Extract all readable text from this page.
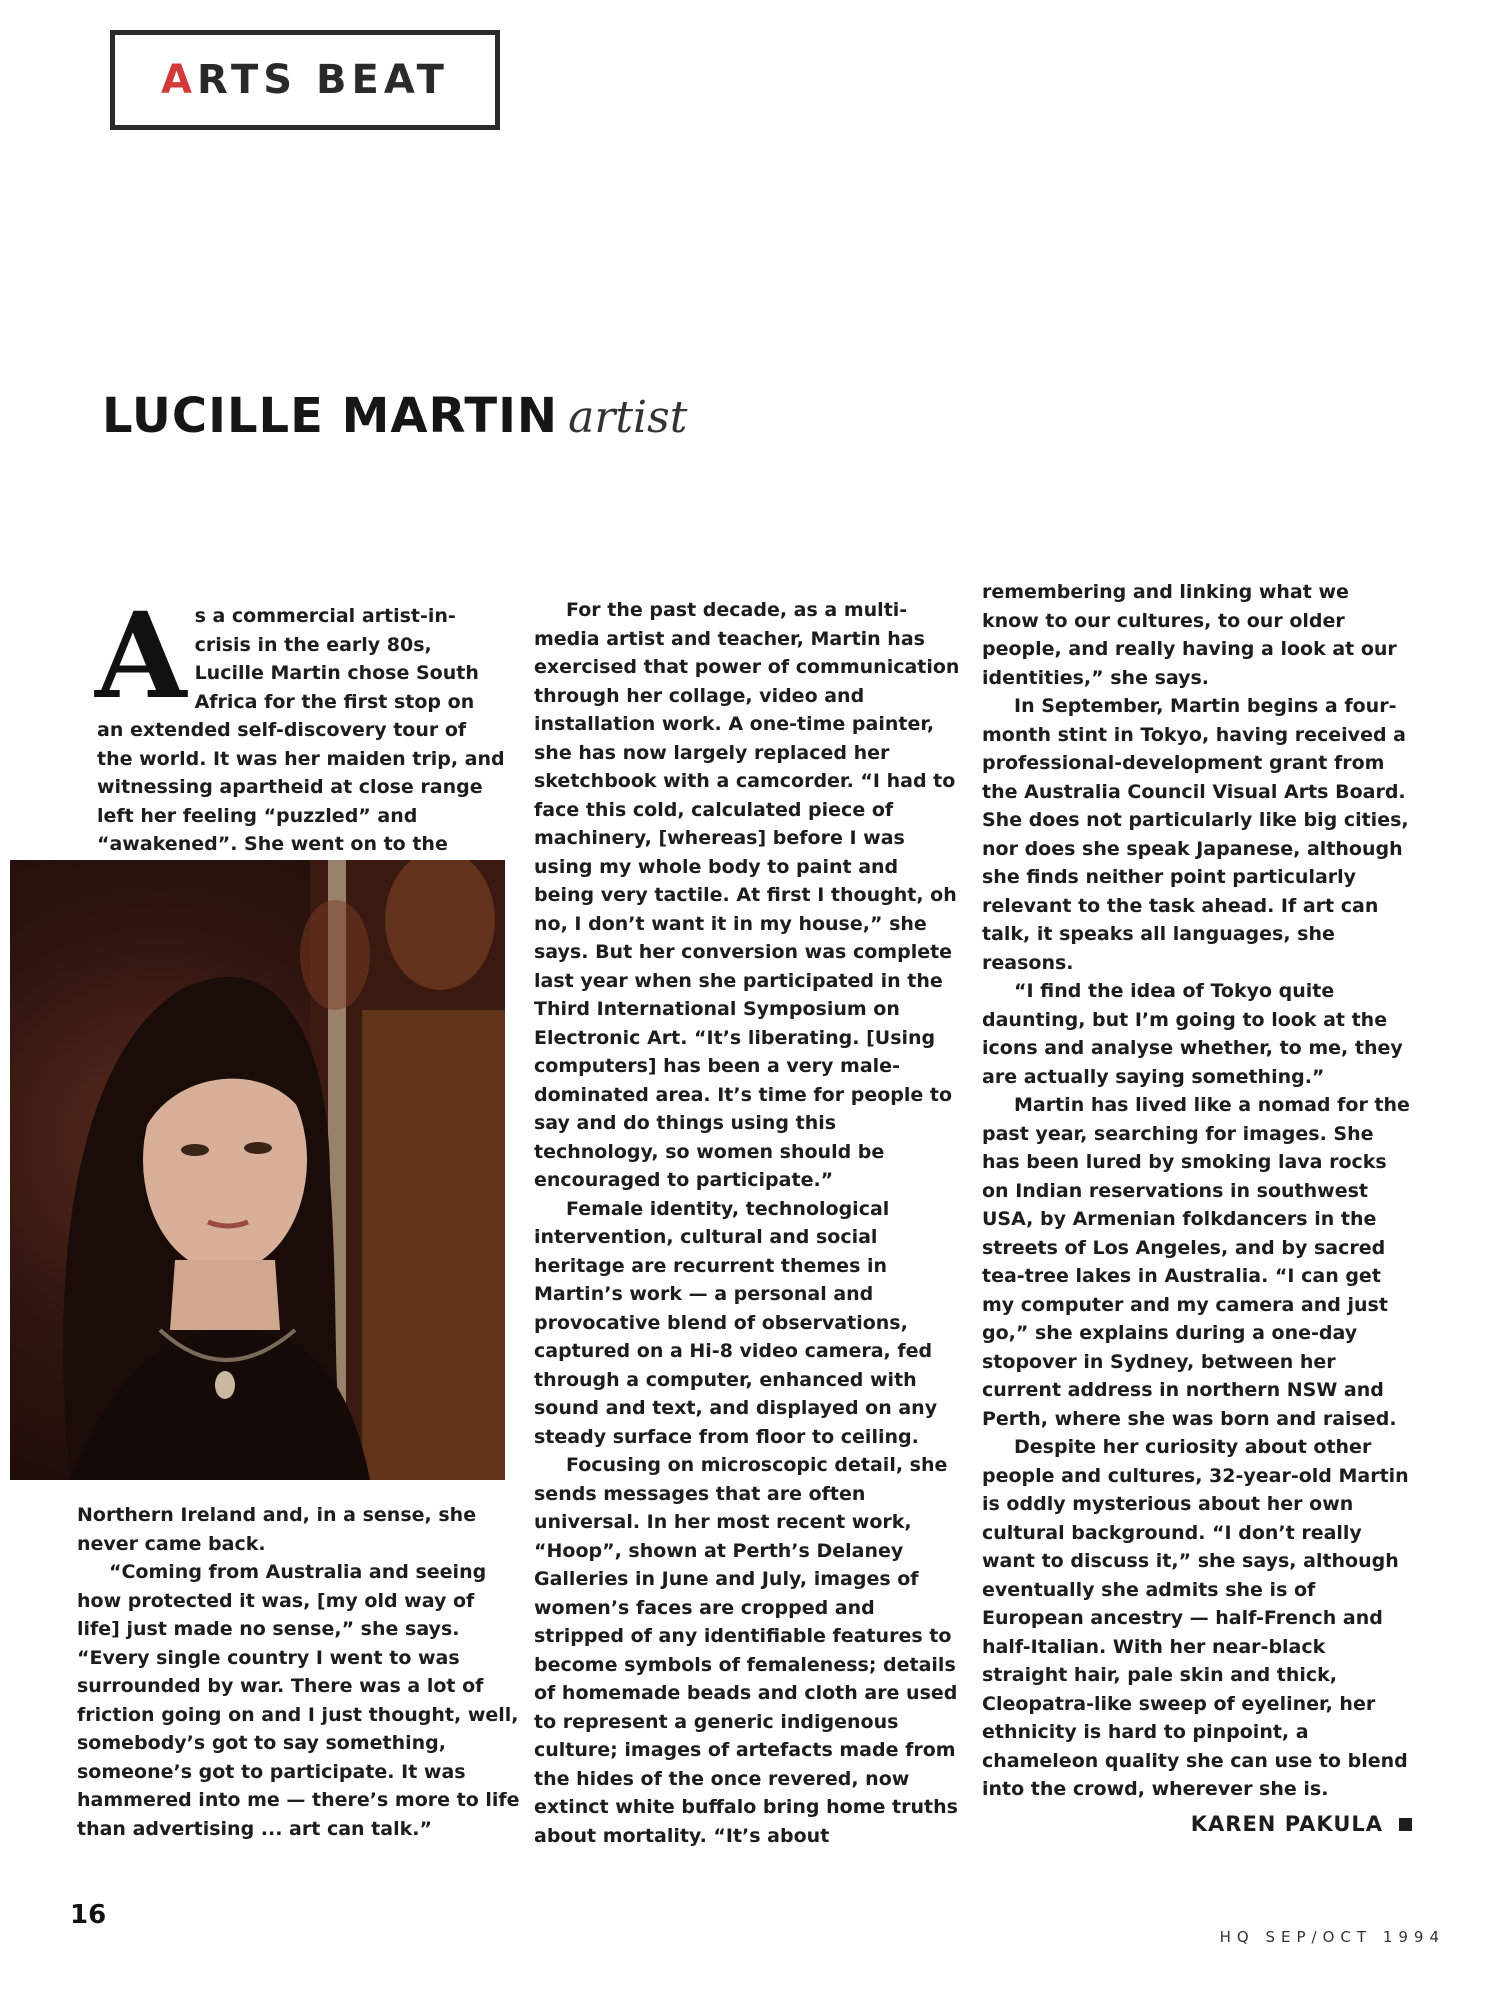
A RTS BEAT
LUCILLE MARTIN artist

As a commercial artist-in-crisis in the early 80s, Lucille Martin chose South Africa for the first stop on an extended self-discovery tour of the world. It was her maiden trip, and witnessing apartheid at close range left her feeling “puzzled” and “awakened”. She went on to the

Northern Ireland and, in a sense, she never came back.

“Coming from Australia and seeing how protected it was, [my old way of life] just made no sense,” she says. “Every single country I went to was surrounded by war. There was a lot of friction going on and I just thought, well, somebody’s got to say something, someone’s got to participate. It was hammered into me — there’s more to life than advertising ... art can talk.”

For the past decade, as a multi-media artist and teacher, Martin has exercised that power of communication through her collage, video and installation work. A one-time painter, she has now largely replaced her sketchbook with a camcorder. “I had to face this cold, calculated piece of machinery, [whereas] before I was using my whole body to paint and being very tactile. At first I thought, oh no, I don’t want it in my house,” she says. But her conversion was complete last year when she participated in the Third International Symposium on Electronic Art. “It’s liberating. [Using computers] has been a very male-dominated area. It’s time for people to say and do things using this technology, so women should be encouraged to participate.”

Female identity, technological intervention, cultural and social heritage are recurrent themes in Martin’s work — a personal and provocative blend of observations, captured on a Hi-8 video camera, fed through a computer, enhanced with sound and text, and displayed on any steady surface from floor to ceiling.

Focusing on microscopic detail, she sends messages that are often universal. In her most recent work, “Hoop”, shown at Perth’s Delaney Galleries in June and July, images of women’s faces are cropped and stripped of any identifiable features to become symbols of femaleness; details of homemade beads and cloth are used to represent a generic indigenous culture; images of artefacts made from the hides of the once revered, now extinct white buffalo bring home truths about mortality. “It’s about

remembering and linking what we know to our cultures, to our older people, and really having a look at our identities,” she says.

In September, Martin begins a four-month stint in Tokyo, having received a professional-development grant from the Australia Council Visual Arts Board. She does not particularly like big cities, nor does she speak Japanese, although she finds neither point particularly relevant to the task ahead. If art can talk, it speaks all languages, she reasons.

“I find the idea of Tokyo quite daunting, but I’m going to look at the icons and analyse whether, to me, they are actually saying something.”

Martin has lived like a nomad for the past year, searching for images. She has been lured by smoking lava rocks on Indian reservations in southwest USA, by Armenian folkdancers in the streets of Los Angeles, and by sacred tea-tree lakes in Australia. “I can get my computer and my camera and just go,” she explains during a one-day stopover in Sydney, between her current address in northern NSW and Perth, where she was born and raised.

Despite her curiosity about other people and cultures, 32-year-old Martin is oddly mysterious about her own cultural background. “I don’t really want to discuss it,” she says, although eventually she admits she is of European ancestry — half-French and half-Italian. With her near-black straight hair, pale skin and thick, Cleopatra-like sweep of eyeliner, her ethnicity is hard to pinpoint, a chameleon quality she can use to blend into the crowd, wherever she is.

KAREN PAKULA
16
HQ SEP/OCT 1994
